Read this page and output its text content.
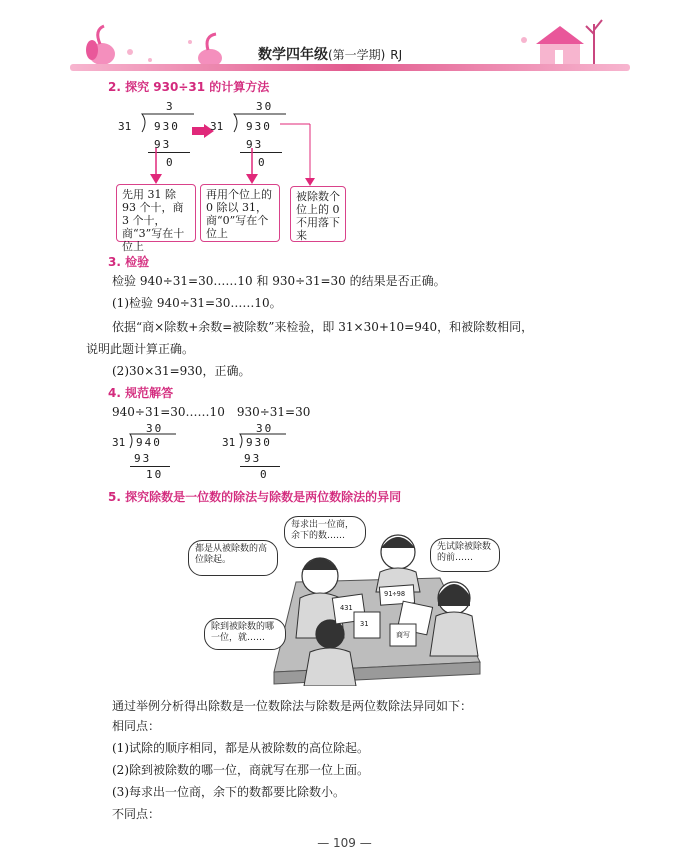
数学四年级(第一学期) RJ
2. 探究 930÷31 的计算方法
3
31 930
93
0
30
31 930
93
0
先用 31 除 93 个十，商 3 个十，商“3”写在十位上
再用个位上的 0 除以 31，商“0”写在个位上
被除数个位上的 0 不用落下来
3. 检验
检验 940÷31=30……10 和 930÷31=30 的结果是否正确。
(1)检验 940÷31=30……10。
依据“商×除数+余数=被除数”来检验，即 31×30+10=940，和被除数相同，
说明此题计算正确。
(2)30×31=930，正确。
4. 规范解答
940÷31=30……10　930÷31=30
30
31 940
93
10
30
31 930
93
0
5. 探究除数是一位数的除法与除数是两位数除法的异同
都是从被除数的高位除起。
每求出一位商，余下的数……
先试除被除数的前……
除到被除数的哪一位，就……
91÷98
431
31
商写
通过举例分析得出除数是一位数除法与除数是两位数除法异同如下：
相同点：
(1)试除的顺序相同，都是从被除数的高位除起。
(2)除到被除数的哪一位，商就写在那一位上面。
(3)每求出一位商，余下的数都要比除数小。
不同点：
— 109 —
